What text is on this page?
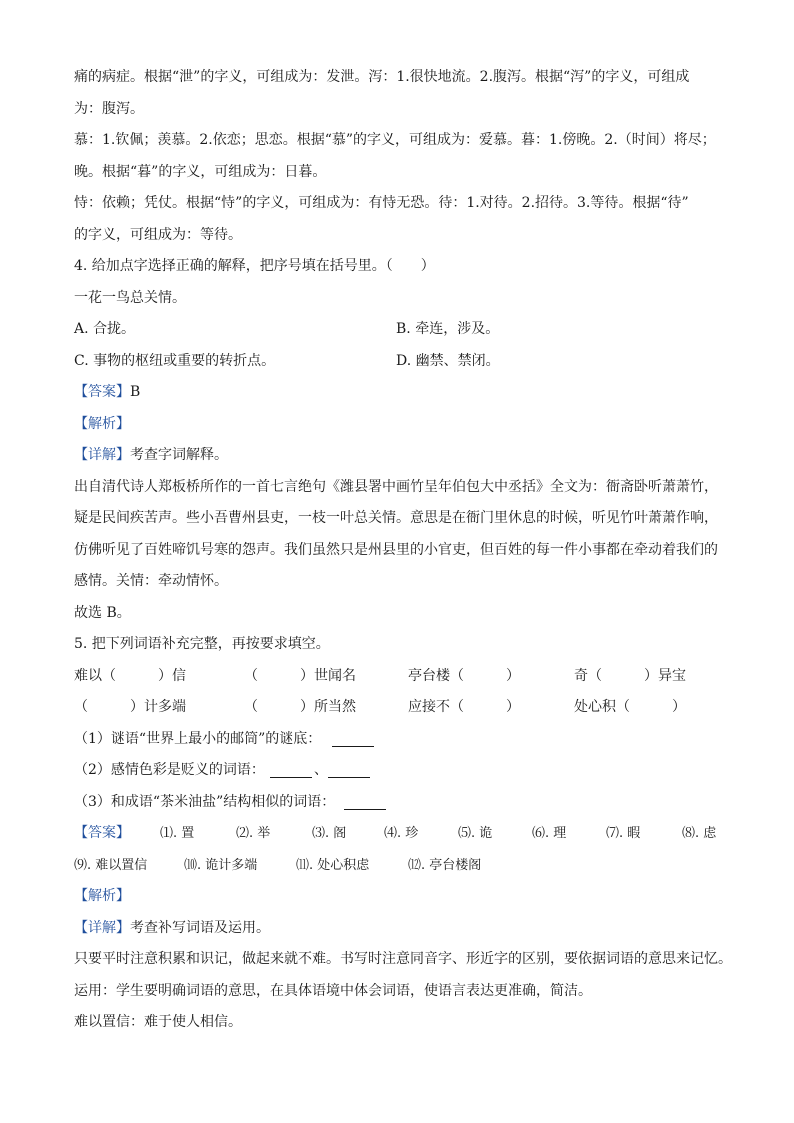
痛的病症。根据“泄”的字义，可组成为：发泄。泻：1.很快地流。2.腹泻。根据“泻”的字义，可组成
为：腹泻。
慕：1.钦佩；羡慕。2.依恋；思恋。根据“慕”的字义，可组成为：爱慕。暮：1.傍晚。2.（时间）将尽；
晚。根据“暮”的字义，可组成为：日暮。
恃：依赖；凭仗。根据“恃”的字义，可组成为：有恃无恐。待：1.对待。2.招待。3.等待。根据“待”
的字义，可组成为：等待。
4. 给加点字选择正确的解释，把序号填在括号里。（　　）
一花一鸟总关情。
A. 合拢。	B. 牵连，涉及。
C. 事物的枢纽或重要的转折点。	D. 幽禁、禁闭。
【答案】 B
【解析】
【详解】 考查字词解释。
出自清代诗人郑板桥所作的一首七言绝句《潍县署中画竹呈年伯包大中丞括》全文为：衙斋卧听萧萧竹，
疑是民间疾苦声。些小吾曹州县吏，一枝一叶总关情。意思是在衙门里休息的时候，听见竹叶萧萧作响，
仿佛听见了百姓啼饥号寒的怨声。我们虽然只是州县里的小官吏，但百姓的每一件小事都在牵动着我们的
感情。关情：牵动情怀。
故选 B。
5. 把下列词语补充完整，再按要求填空。
难以（　　　）信	（　　　）世闻名	亭台楼（　　　）	奇（　　　）异宝
（　　　）计多端	（　　　）所当然	应接不（　　　）	处心积（　　　）
（1）谜语“世界上最小的邮筒”的谜底：
（2）感情色彩是贬义的词语：	、
（3）和成语“茶米油盐”结构相似的词语：
【答案】 ⑴. 置	⑵. 举	⑶. 阁	⑷. 珍	⑸. 诡	⑹. 理	⑺. 暇	⑻. 虑
⑼. 难以置信	⑽. 诡计多端	⑾. 处心积虑	⑿. 亭台楼阁
【解析】
【详解】 考查补写词语及运用。
只要平时注意积累和识记，做起来就不难。书写时注意同音字、形近字的区别，要依据词语的意思来记忆。
运用：学生要明确词语的意思，在具体语境中体会词语，使语言表达更准确，简洁。
难以置信：难于使人相信。
